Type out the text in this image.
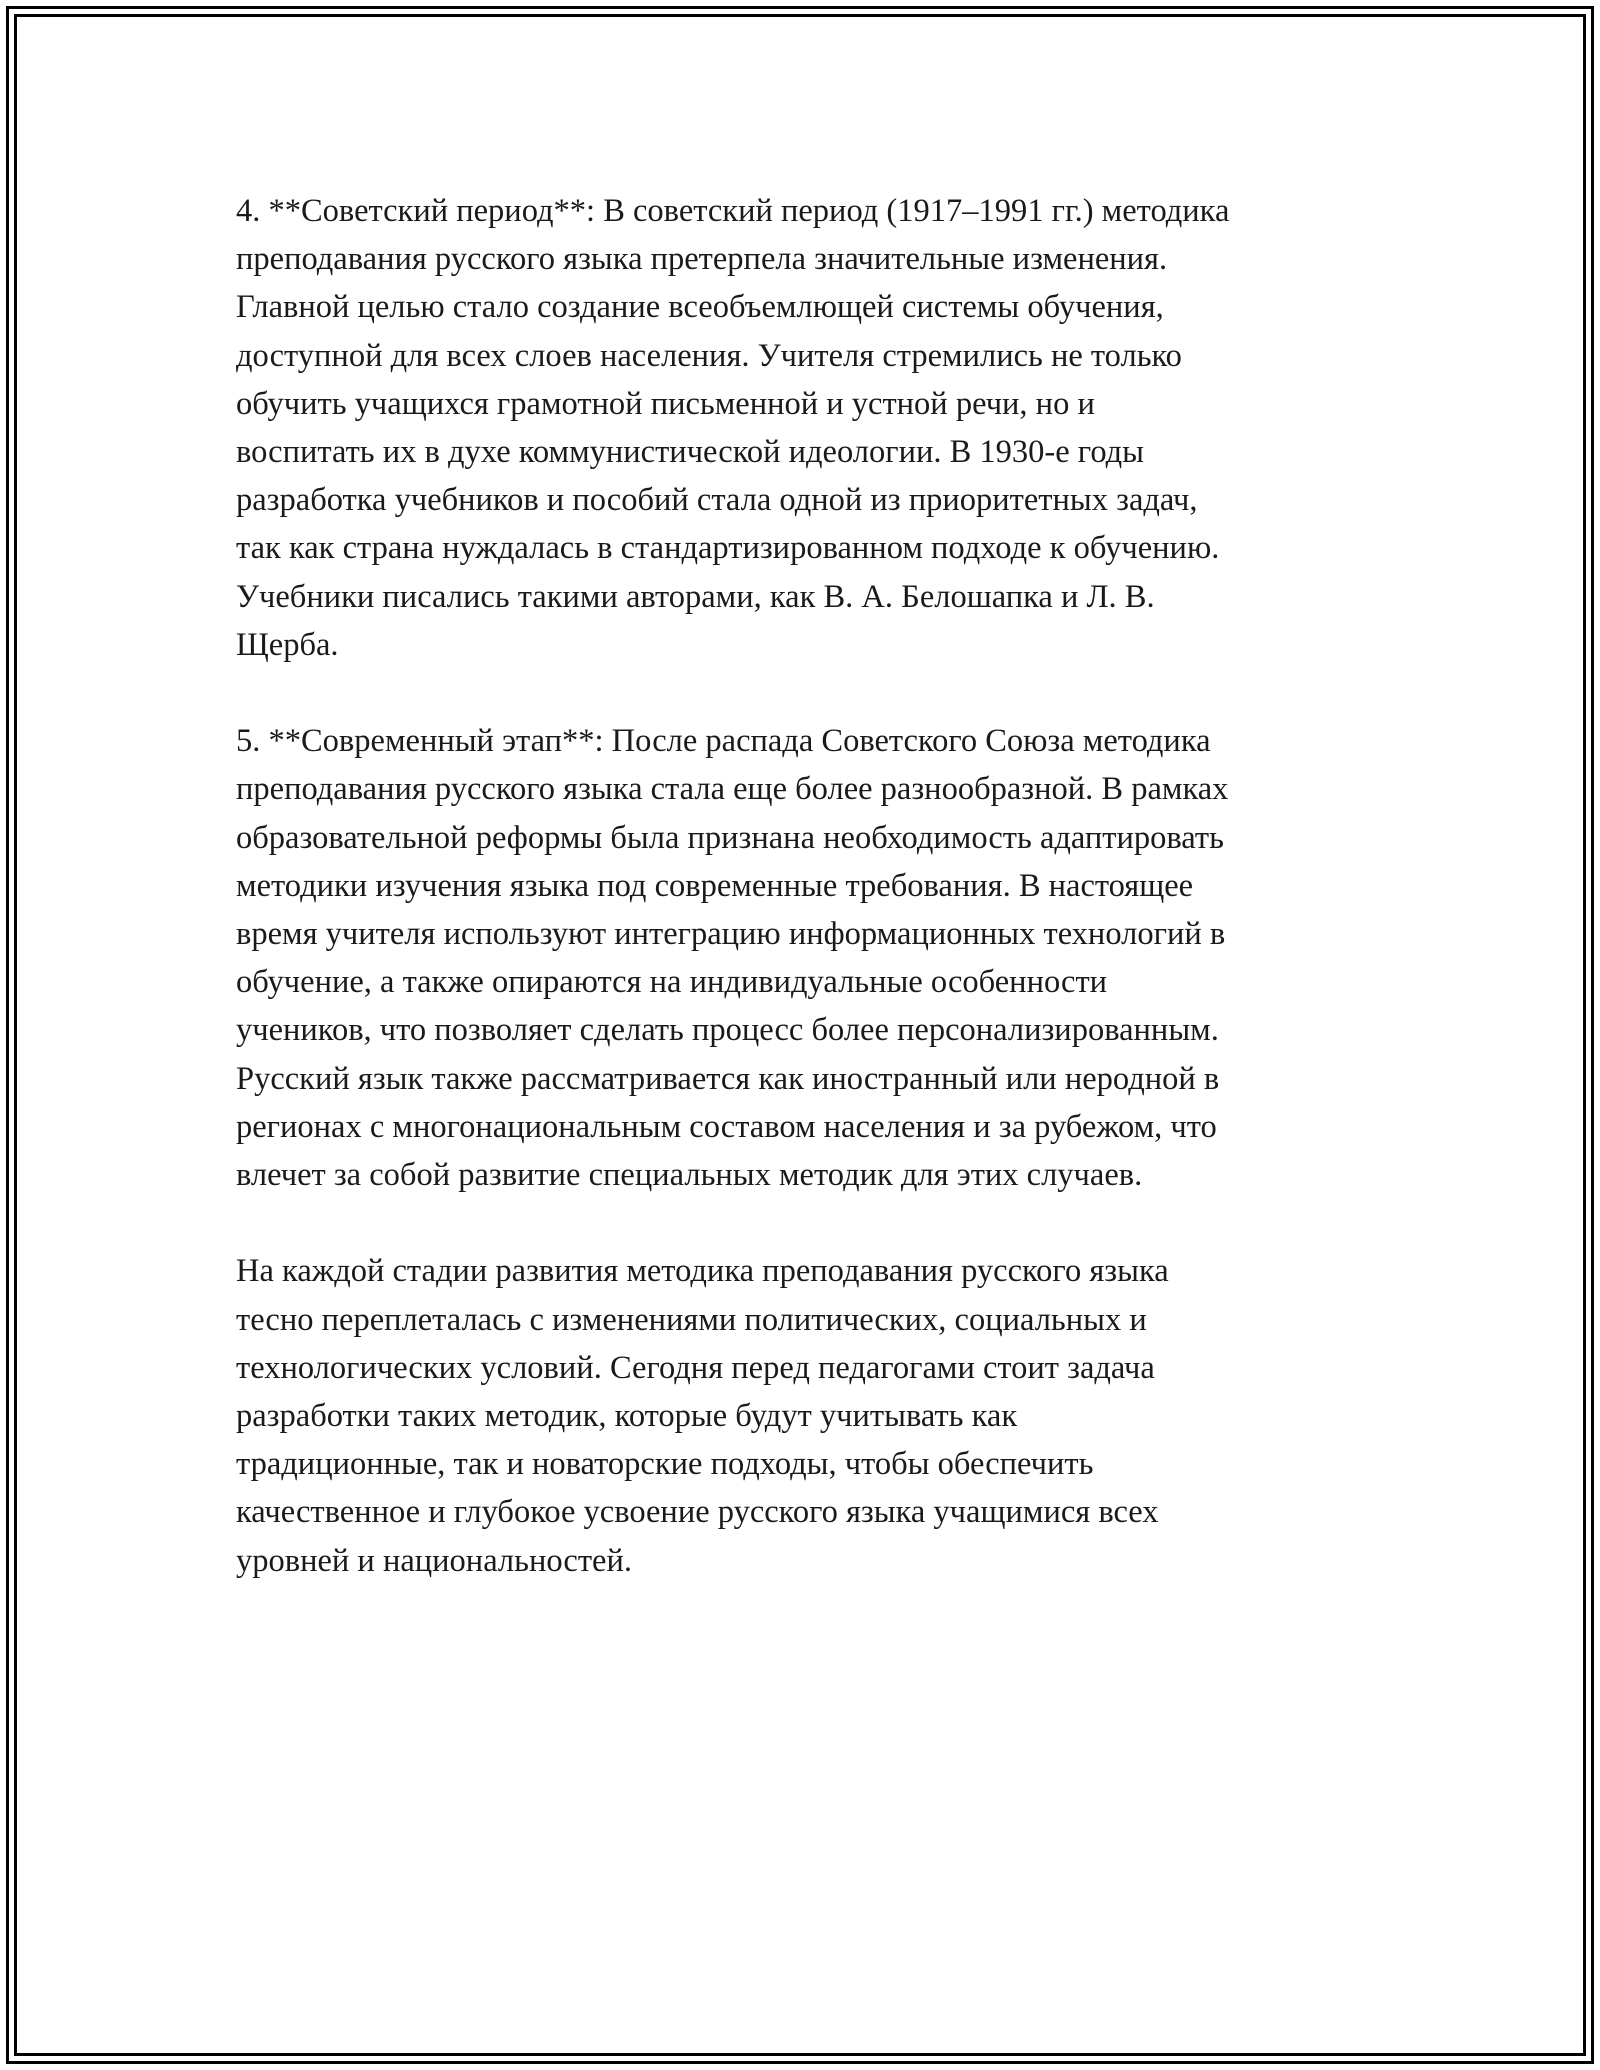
4. **Советский период**: В советский период (1917–1991 гг.) методика
преподавания русского языка претерпела значительные изменения.
Главной целью стало создание всеобъемлющей системы обучения,
доступной для всех слоев населения. Учителя стремились не только
обучить учащихся грамотной письменной и устной речи, но и
воспитать их в духе коммунистической идеологии. В 1930-е годы
разработка учебников и пособий стала одной из приоритетных задач,
так как страна нуждалась в стандартизированном подходе к обучению.
Учебники писались такими авторами, как В. А. Белошапка и Л. В.
Щерба.

5. **Современный этап**: После распада Советского Союза методика
преподавания русского языка стала еще более разнообразной. В рамках
образовательной реформы была признана необходимость адаптировать
методики изучения языка под современные требования. В настоящее
время учителя используют интеграцию информационных технологий в
обучение, а также опираются на индивидуальные особенности
учеников, что позволяет сделать процесс более персонализированным.
Русский язык также рассматривается как иностранный или неродной в
регионах с многонациональным составом населения и за рубежом, что
влечет за собой развитие специальных методик для этих случаев.

На каждой стадии развития методика преподавания русского языка
тесно переплеталась с изменениями политических, социальных и
технологических условий. Сегодня перед педагогами стоит задача
разработки таких методик, которые будут учитывать как
традиционные, так и новаторские подходы, чтобы обеспечить
качественное и глубокое усвоение русского языка учащимися всех
уровней и национальностей.
